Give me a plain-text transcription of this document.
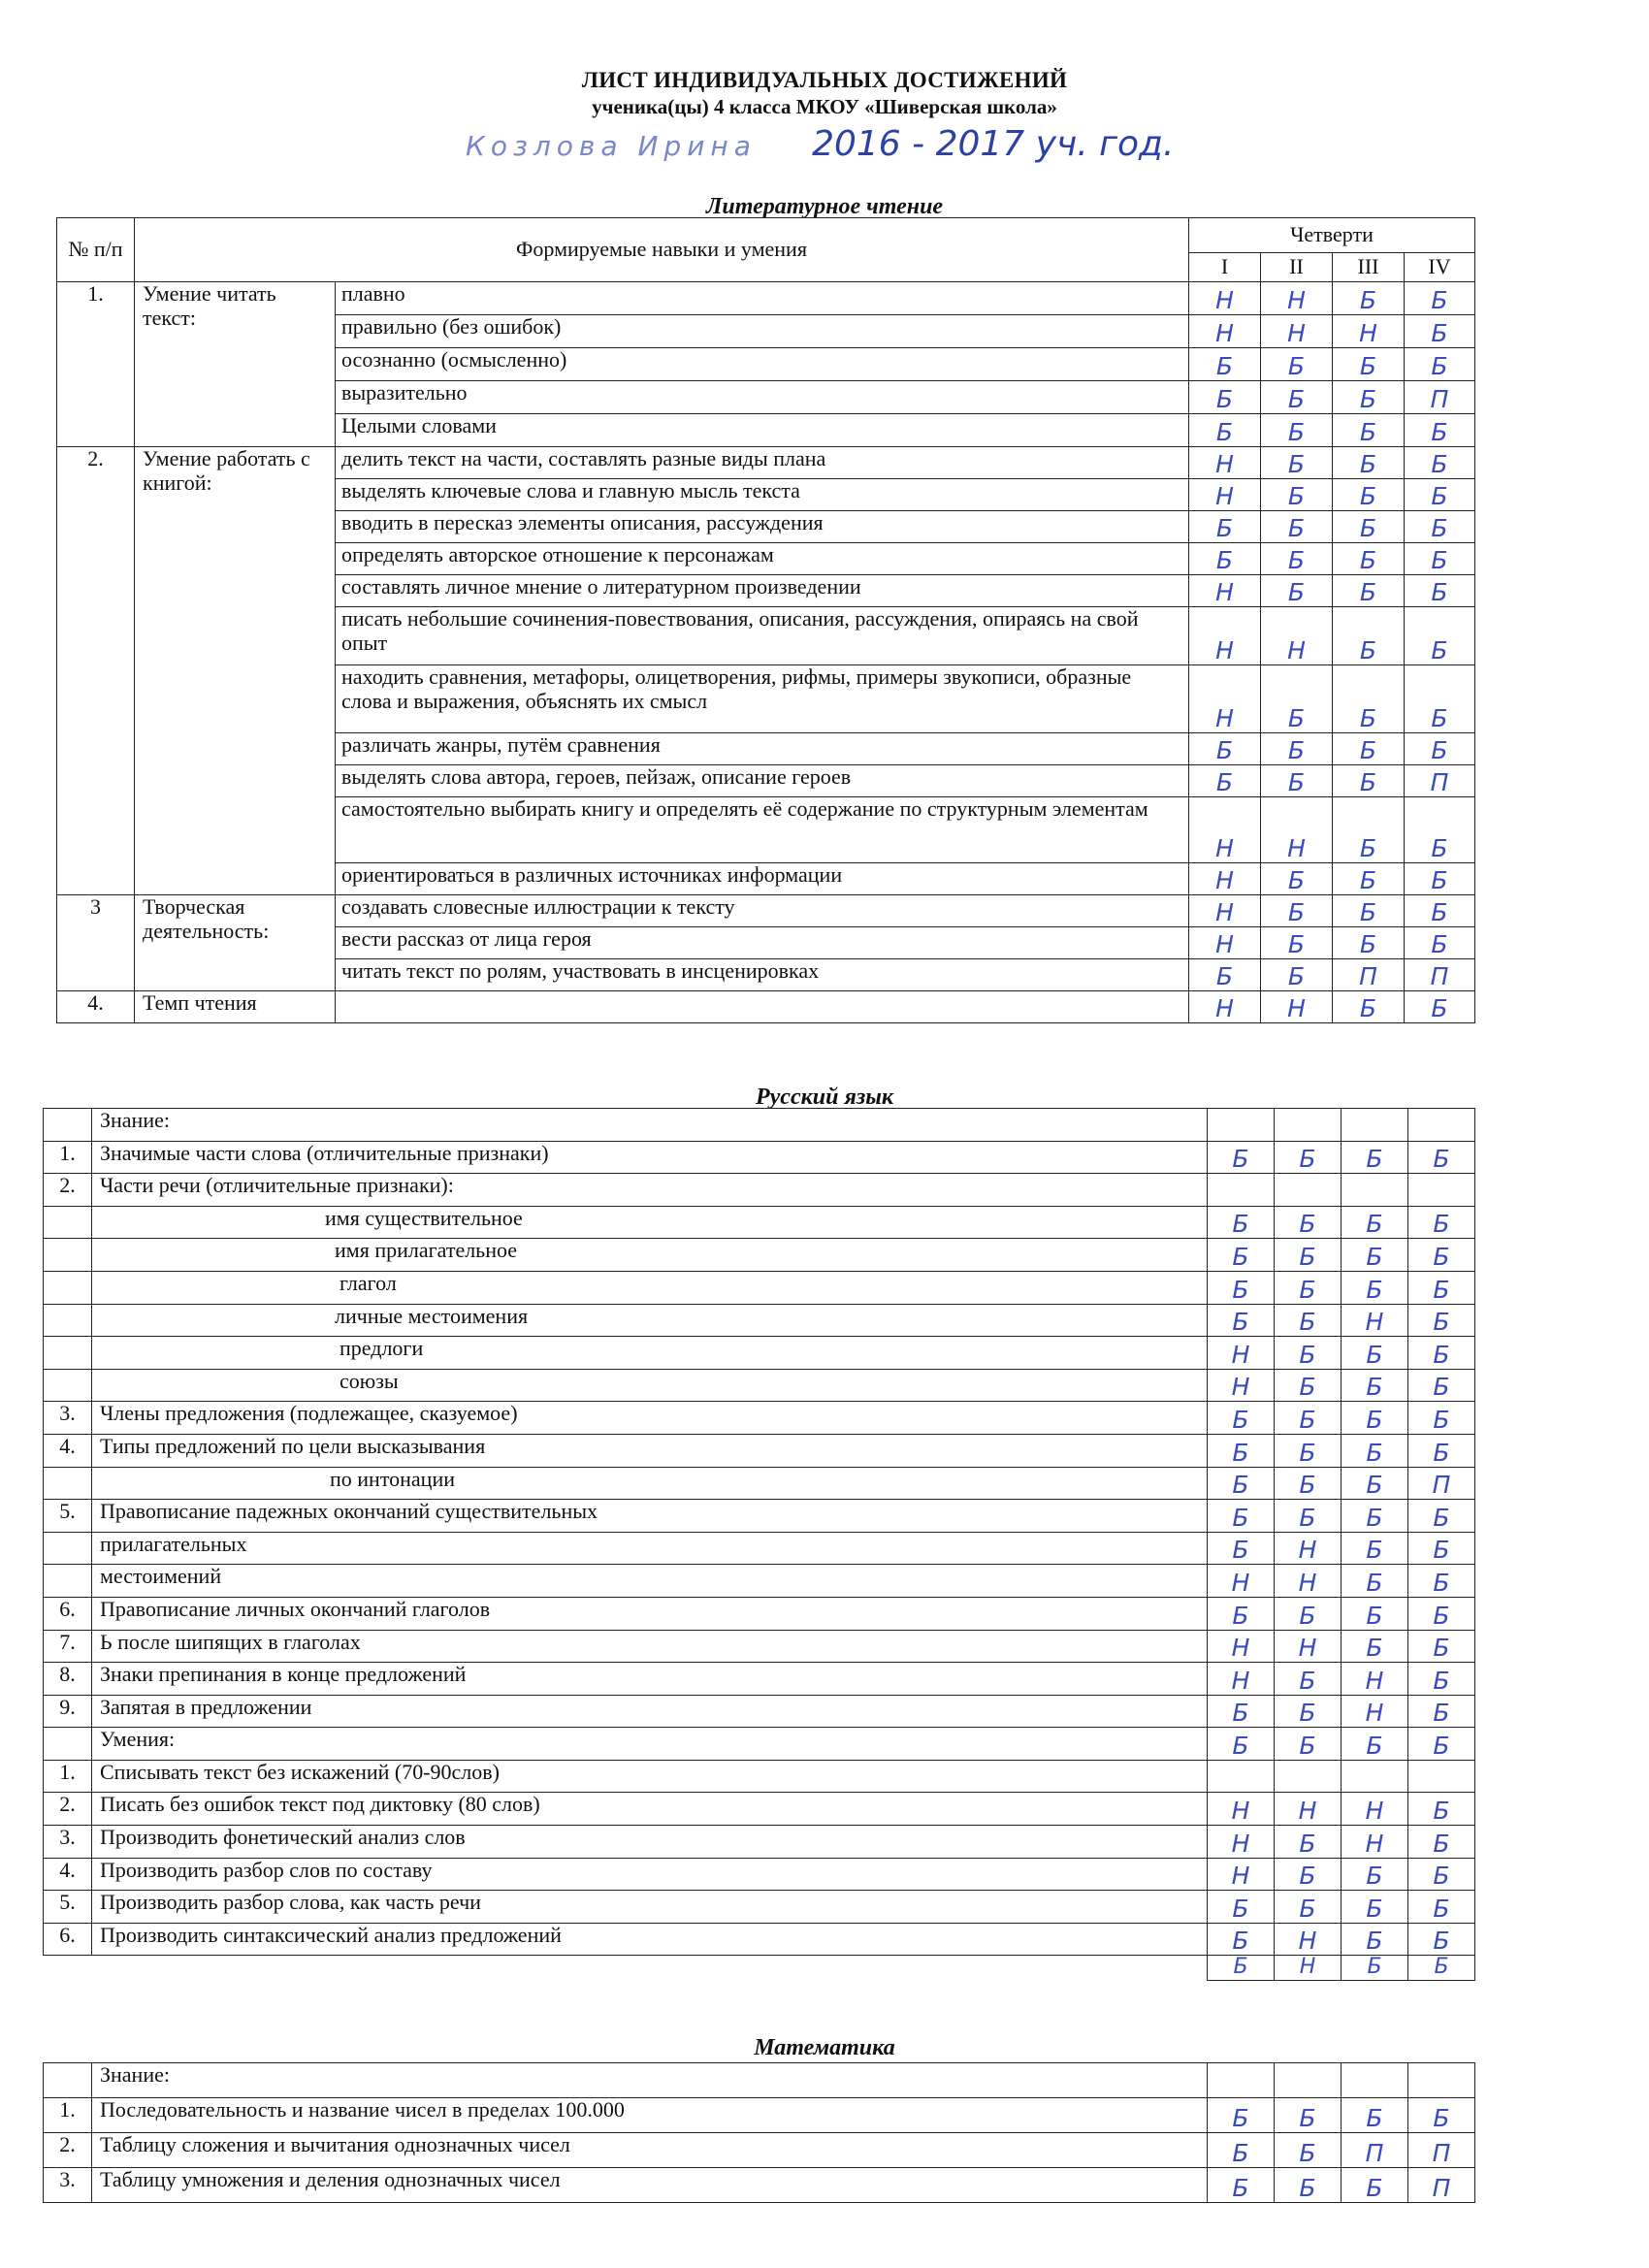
ЛИСТ ИНДИВИДУАЛЬНЫХ ДОСТИЖЕНИЙ
ученика(цы) 4 класса МКОУ «Шиверская школа»
Козлова Ирина 2016 - 2017 уч. год.
Литературное чтение
№ п/п	Формируемые навыки и умения		Четверти			
			I	II	III	IV
1.	Умение читать текст:	плавно	Н	Н	Б	Б
		правильно (без ошибок)	Н	Н	Н	Б
		осознанно (осмысленно)	Б	Б	Б	Б
		выразительно	Б	Б	Б	П
		Целыми словами	Б	Б	Б	Б
2.	Умение работать с книгой:	делить текст на части, составлять разные виды плана	Н	Б	Б	Б
		выделять ключевые слова и главную мысль текста	Н	Б	Б	Б
		вводить в пересказ элементы описания, рассуждения	Б	Б	Б	Б
		определять авторское отношение к персонажам	Б	Б	Б	Б
		составлять личное мнение о литературном произведении	Н	Б	Б	Б
		писать небольшие сочинения-повествования, описания, рассуждения, опираясь на свой опыт	Н	Н	Б	Б
		находить сравнения, метафоры, олицетворения, рифмы, примеры звукописи, образные слова и выражения, объяснять их смысл	Н	Б	Б	Б
		различать жанры, путём сравнения	Б	Б	Б	Б
		выделять слова автора, героев, пейзаж, описание героев	Б	Б	Б	П
		самостоятельно выбирать книгу и определять её содержание по структурным элементам	Н	Н	Б	Б
		ориентироваться в различных источниках информации	Н	Б	Б	Б
3	Творческая деятельность:	создавать словесные иллюстрации к тексту	Н	Б	Б	Б
		вести рассказ от лица героя	Н	Б	Б	Б
		читать текст по ролям, участвовать в инсценировках	Б	Б	П	П
4.	Темп чтения		Н	Н	Б	Б
Русский язык
	Знание:				
1.	Значимые части слова (отличительные признаки)	Б	Б	Б	Б
2.	Части речи (отличительные признаки):				
	имя существительное	Б	Б	Б	Б
	имя прилагательное	Б	Б	Б	Б
	глагол	Б	Б	Б	Б
	личные местоимения	Б	Б	Н	Б
	предлоги	Н	Б	Б	Б
	союзы	Н	Б	Б	Б
3.	Члены предложения (подлежащее, сказуемое)	Б	Б	Б	Б
4.	Типы предложений по цели высказывания	Б	Б	Б	Б
	по интонации	Б	Б	Б	П
5.	Правописание падежных окончаний существительных	Б	Б	Б	Б
	прилагательных	Б	Н	Б	Б
	местоимений	Н	Н	Б	Б
6.	Правописание личных окончаний глаголов	Б	Б	Б	Б
7.	Ь после шипящих в глаголах	Н	Н	Б	Б
8.	Знаки препинания в конце предложений	Н	Б	Н	Б
9.	Запятая в предложении	Б	Б	Н	Б
	Умения:	Б	Б	Б	Б
1.	Списывать текст без искажений (70-90слов)				
2.	Писать без ошибок текст под диктовку (80 слов)	Н	Н	Н	Б
3.	Производить фонетический анализ слов	Н	Б	Н	Б
4.	Производить разбор слов по составу	Н	Б	Б	Б
5.	Производить разбор слова, как часть речи	Б	Б	Б	Б
6.	Производить синтаксический анализ предложений	Б	Н	Б	Б
		Б	Н	Б	Б
Математика
	Знание:				
1.	Последовательность и название чисел в пределах 100.000	Б	Б	Б	Б
2.	Таблицу сложения и вычитания однозначных чисел	Б	Б	П	П
3.	Таблицу умножения и деления однозначных чисел	Б	Б	Б	П
